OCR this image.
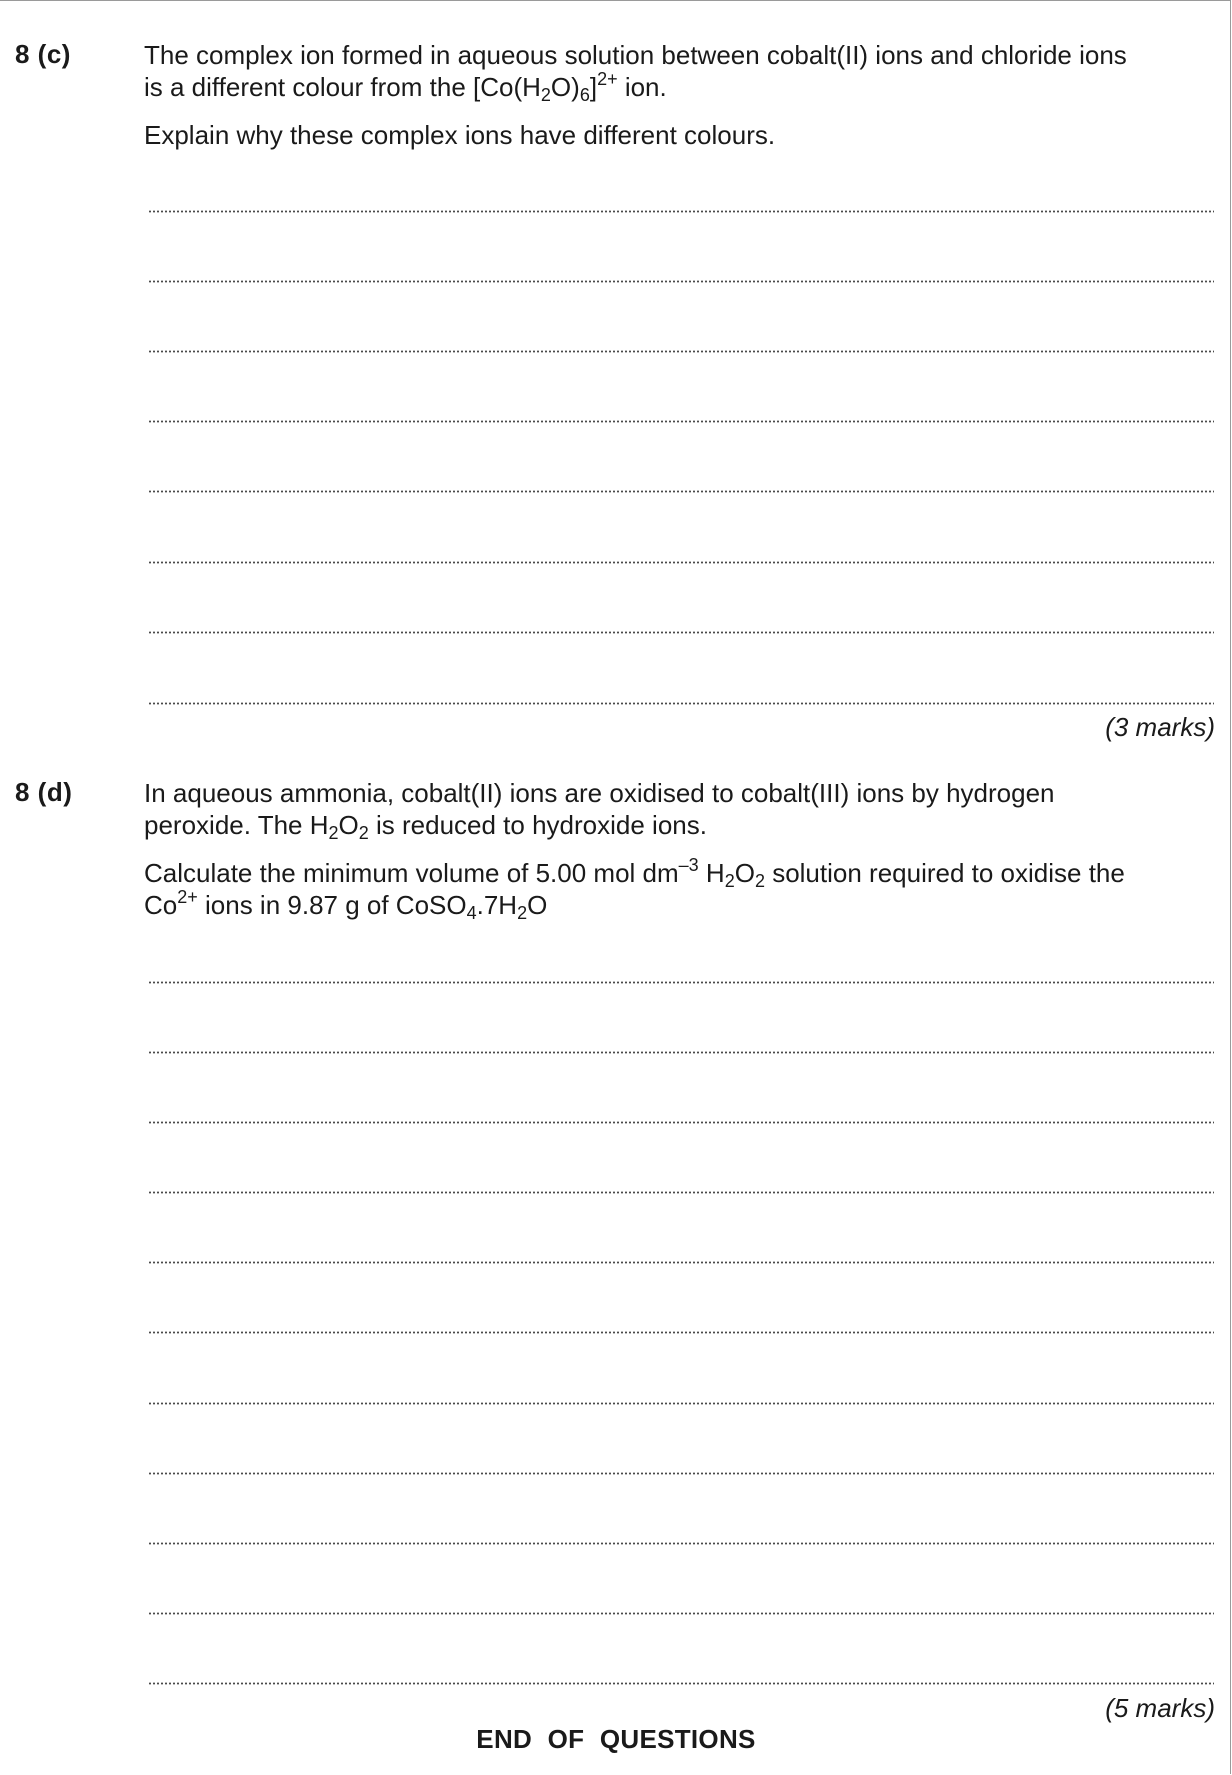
8 (c)	The complex ion formed in aqueous solution between cobalt(II) ions and chloride ions

is a different colour from the $[Co(H_2O)_6]^{2+}$ ion.

Explain why these complex ions have different colours.
(3 marks)
8 (d)	In aqueous ammonia, cobalt(II) ions are oxidised to cobalt(III) ions by hydrogen

peroxide. The $H_2O_2$ is reduced to hydroxide ions.

Calculate the minimum volume of 5.00 mol $dm^{-3}$ $H_2O_2$ solution required to oxidise the

$Co^{2+}$ ions in 9.87 g of $CoSO_4.7H_2O$

(5 marks)
END OF QUESTIONS
